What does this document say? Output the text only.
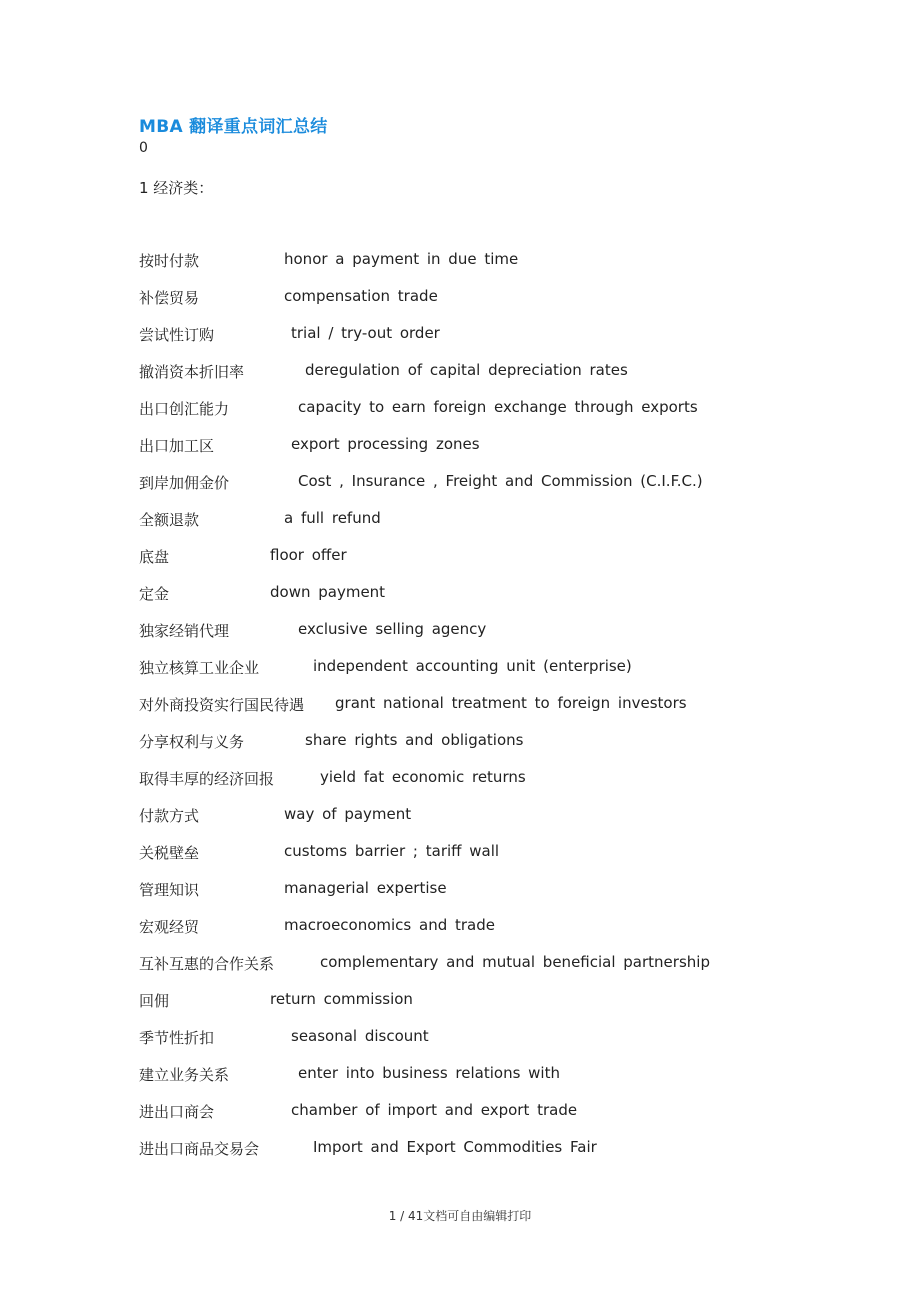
MBA 翻译重点词汇总结
0
1 经济类：
按时付款	honor a payment in due time
补偿贸易	compensation trade
尝试性订购	trial / try-out order
撤消资本折旧率	deregulation of capital depreciation rates
出口创汇能力	capacity to earn foreign exchange through exports
出口加工区	export processing zones
到岸加佣金价	Cost , Insurance , Freight and Commission (C.I.F.C.)
全额退款	a full refund
底盘	floor offer
定金	down payment
独家经销代理	exclusive selling agency
独立核算工业企业	independent accounting unit (enterprise)
对外商投资实行国民待遇 grant national treatment to foreign investors
分享权利与义务	share rights and obligations
取得丰厚的经济回报	yield fat economic returns
付款方式	way of payment
关税壁垒	customs barrier ; tariff wall
管理知识	managerial expertise
宏观经贸	macroeconomics and trade
互补互惠的合作关系	complementary and mutual beneficial partnership
回佣	return commission
季节性折扣	seasonal discount
建立业务关系	enter into business relations with
进出口商会	chamber of import and export trade
进出口商品交易会	Import and Export Commodities Fair
1 / 41文档可自由编辑打印
